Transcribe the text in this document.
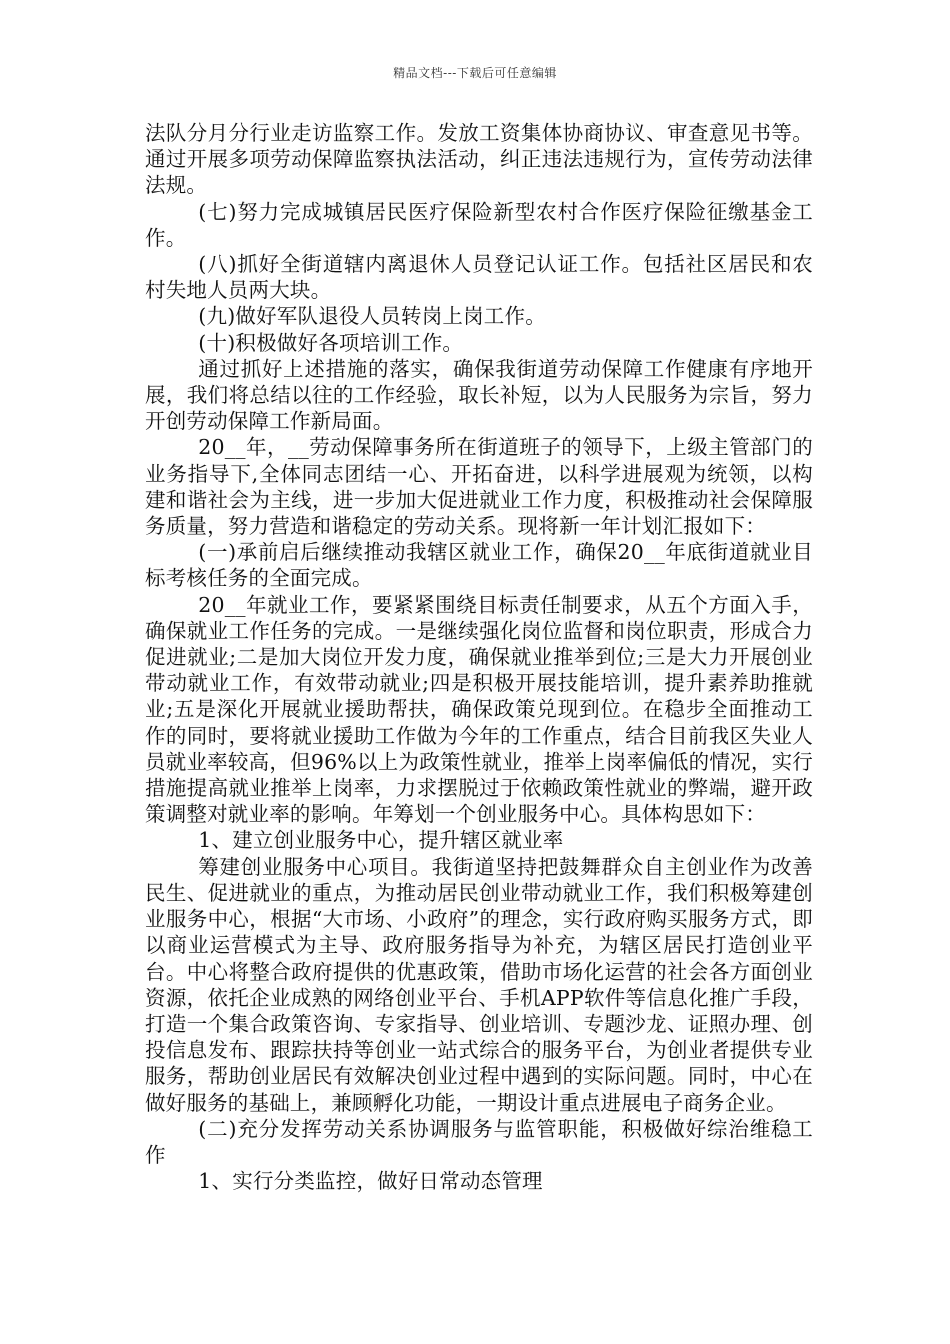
精品文档---下载后可任意编辑

法队分月分行业走访监察工作。发放工资集体协商协议、审查意见书等。通过开展多项劳动保障监察执法活动，纠正违法违规行为，宣传劳动法律法规。

(七)努力完成城镇居民医疗保险新型农村合作医疗保险征缴基金工作。

(八)抓好全街道辖内离退休人员登记认证工作。包括社区居民和农村失地人员两大块。

(九)做好军队退役人员转岗上岗工作。

(十)积极做好各项培训工作。

通过抓好上述措施的落实，确保我街道劳动保障工作健康有序地开展，我们将总结以往的工作经验，取长补短，以为人民服务为宗旨，努力开创劳动保障工作新局面。

20__年，__劳动保障事务所在街道班子的领导下，上级主管部门的业务指导下,全体同志团结一心、开拓奋进，以科学进展观为统领，以构建和谐社会为主线，进一步加大促进就业工作力度，积极推动社会保障服务质量，努力营造和谐稳定的劳动关系。现将新一年计划汇报如下：

(一)承前启后继续推动我辖区就业工作，确保20__年底街道就业目标考核任务的全面完成。

20__年就业工作，要紧紧围绕目标责任制要求，从五个方面入手，确保就业工作任务的完成。一是继续强化岗位监督和岗位职责，形成合力促进就业;二是加大岗位开发力度，确保就业推举到位;三是大力开展创业带动就业工作，有效带动就业;四是积极开展技能培训，提升素养助推就业;五是深化开展就业援助帮扶，确保政策兑现到位。在稳步全面推动工作的同时，要将就业援助工作做为今年的工作重点，结合目前我区失业人员就业率较高，但96%以上为政策性就业，推举上岗率偏低的情况，实行措施提高就业推举上岗率，力求摆脱过于依赖政策性就业的弊端，避开政策调整对就业率的影响。年筹划一个创业服务中心。具体构思如下：

1、建立创业服务中心，提升辖区就业率

筹建创业服务中心项目。我街道坚持把鼓舞群众自主创业作为改善民生、促进就业的重点，为推动居民创业带动就业工作，我们积极筹建创业服务中心，根据“大市场、小政府”的理念，实行政府购买服务方式，即以商业运营模式为主导、政府服务指导为补充，为辖区居民打造创业平台。中心将整合政府提供的优惠政策，借助市场化运营的社会各方面创业资源，依托企业成熟的网络创业平台、手机APP软件等信息化推广手段，打造一个集合政策咨询、专家指导、创业培训、专题沙龙、证照办理、创投信息发布、跟踪扶持等创业一站式综合的服务平台，为创业者提供专业服务，帮助创业居民有效解决创业过程中遇到的实际问题。同时，中心在做好服务的基础上，兼顾孵化功能，一期设计重点进展电子商务企业。

(二)充分发挥劳动关系协调服务与监管职能，积极做好综治维稳工作

1、实行分类监控，做好日常动态管理
